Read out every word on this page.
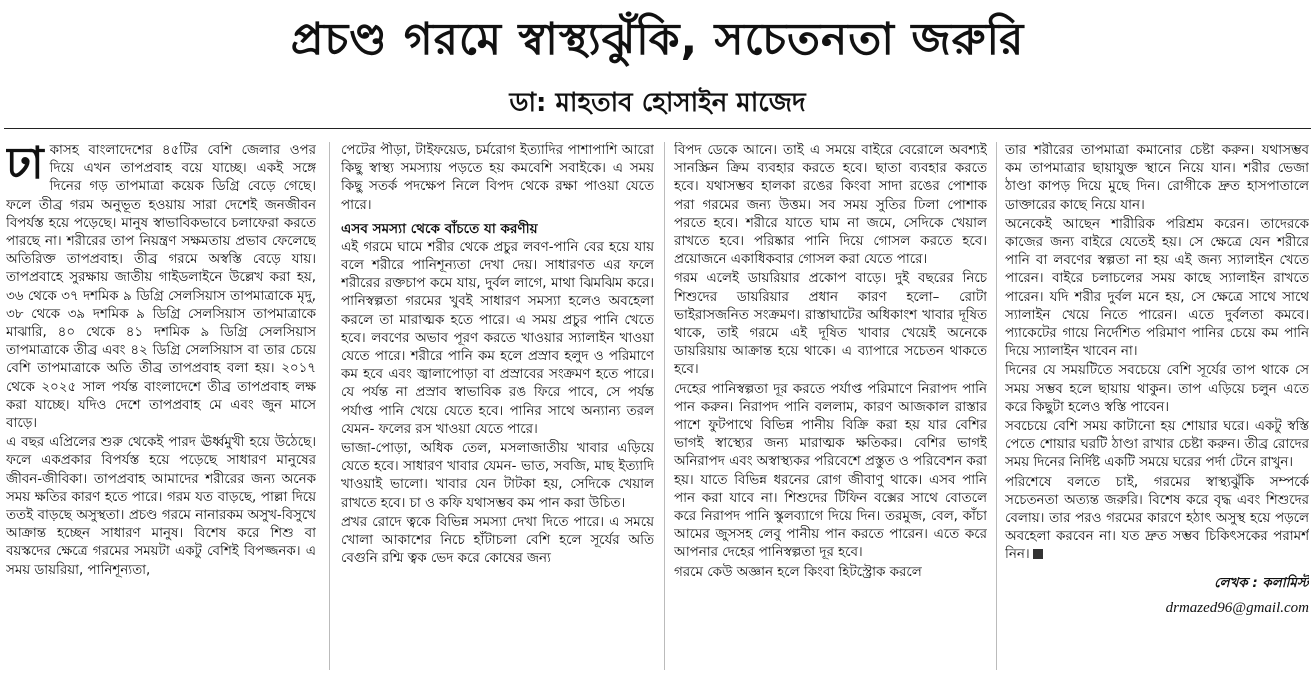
প্রচণ্ড গরমে স্বাস্থ্যঝুঁকি, সচেতনতা জরুরি
ডা: মাহতাব হোসাইন মাজেদ

ঢাকাসহ বাংলাদেশের ৪৫টির বেশি জেলার ওপর দিয়ে এখন তাপপ্রবাহ বয়ে যাচ্ছে। একই সঙ্গে দিনের গড় তাপমাত্রা কয়েক ডিগ্রি বেড়ে গেছে। ফলে তীব্র গরম অনুভূত হওয়ায় সারা দেশেই জনজীবন বিপর্যস্ত হয়ে পড়েছে। মানুষ স্বাভাবিকভাবে চলাফেরা করতে পারছে না। শরীরের তাপ নিয়ন্ত্রণ সক্ষমতায় প্রভাব ফেলেছে অতিরিক্ত তাপপ্রবাহ। তীব্র গরমে অস্বস্তি বেড়ে যায়। তাপপ্রবাহে সুরক্ষায় জাতীয় গাইডলাইনে উল্লেখ করা হয়, ৩৬ থেকে ৩৭ দশমিক ৯ ডিগ্রি সেলসিয়াস তাপমাত্রাকে মৃদু, ৩৮ থেকে ৩৯ দশমিক ৯ ডিগ্রি সেলসিয়াস তাপমাত্রাকে মাঝারি, ৪০ থেকে ৪১ দশমিক ৯ ডিগ্রি সেলসিয়াস তাপমাত্রাকে তীব্র এবং ৪২ ডিগ্রি সেলসিয়াস বা তার চেয়ে বেশি তাপমাত্রাকে অতি তীব্র তাপপ্রবাহ বলা হয়। ২০১৭ থেকে ২০২৫ সাল পর্যন্ত বাংলাদেশে তীব্র তাপপ্রবাহ লক্ষ করা যাচ্ছে। যদিও দেশে তাপপ্রবাহ মে এবং জুন মাসে বাড়ে।

এ বছর এপ্রিলের শুরু থেকেই পারদ ঊর্ধ্বমুখী হয়ে উঠেছে। ফলে একপ্রকার বিপর্যস্ত হয়ে পড়েছে সাধারণ মানুষের জীবন-জীবিকা। তাপপ্রবাহ আমাদের শরীরের জন্য অনেক সময় ক্ষতির কারণ হতে পারে। গরম যত বাড়ছে, পাল্লা দিয়ে ততই বাড়ছে অসুস্থতা। প্রচণ্ড গরমে নানারকম অসুখ-বিসুখে আক্রান্ত হচ্ছেন সাধারণ মানুষ। বিশেষ করে শিশু বা বয়স্কদের ক্ষেত্রে গরমের সময়টা একটু বেশিই বিপজ্জনক। এ সময় ডায়রিয়া, পানিশূন্যতা,

পেটের পীড়া, টাইফয়েড, চর্মরোগ ইত্যাদির পাশাপাশি আরো কিছু স্বাস্থ্য সমস্যায় পড়তে হয় কমবেশি সবাইকে। এ সময় কিছু সতর্ক পদক্ষেপ নিলে বিপদ থেকে রক্ষা পাওয়া যেতে পারে।

এসব সমস্যা থেকে বাঁচতে যা করণীয়

এই গরমে ঘামে শরীর থেকে প্রচুর লবণ-পানি বের হয়ে যায় বলে শরীরে পানিশূন্যতা দেখা দেয়। সাধারণত এর ফলে শরীরের রক্তচাপ কমে যায়, দুর্বল লাগে, মাথা ঝিমঝিম করে। পানিস্বল্পতা গরমের খুবই সাধারণ সমস্যা হলেও অবহেলা করলে তা মারাত্মক হতে পারে। এ সময় প্রচুর পানি খেতে হবে। লবণের অভাব পূরণ করতে খাওয়ার স্যালাইন খাওয়া যেতে পারে। শরীরে পানি কম হলে প্রস্রাব হলুদ ও পরিমাণে কম হবে এবং জ্বালাপোড়া বা প্রস্রাবের সংক্রমণ হতে পারে। যে পর্যন্ত না প্রস্রাব স্বাভাবিক রঙ ফিরে পাবে, সে পর্যন্ত পর্যাপ্ত পানি খেয়ে যেতে হবে। পানির সাথে অন্যান্য তরল যেমন- ফলের রস খাওয়া যেতে পারে।

ভাজা-পোড়া, অধিক তেল, মসলাজাতীয় খাবার এড়িয়ে যেতে হবে। সাধারণ খাবার যেমন- ভাত, সবজি, মাছ ইত্যাদি খাওয়াই ভালো। খাবার যেন টাটকা হয়, সেদিকে খেয়াল রাখতে হবে। চা ও কফি যথাসম্ভব কম পান করা উচিত।

প্রখর রোদে ত্বকে বিভিন্ন সমস্যা দেখা দিতে পারে। এ সময়ে খোলা আকাশের নিচে হাঁটাচলা বেশি হলে সূর্যের অতি বেগুনি রশ্মি ত্বক ভেদ করে কোষের জন্য

বিপদ ডেকে আনে। তাই এ সময়ে বাইরে বেরোলে অবশ্যই সানস্ক্রিন ক্রিম ব্যবহার করতে হবে। ছাতা ব্যবহার করতে হবে। যথাসম্ভব হালকা রঙের কিংবা সাদা রঙের পোশাক পরা গরমের জন্য উত্তম। সব সময় সুতির ঢিলা পোশাক পরতে হবে। শরীরে যাতে ঘাম না জমে, সেদিকে খেয়াল রাখতে হবে। পরিষ্কার পানি দিয়ে গোসল করতে হবে। প্রয়োজনে একাধিকবার গোসল করা যেতে পারে।

গরম এলেই ডায়রিয়ার প্রকোপ বাড়ে। দুই বছরের নিচে শিশুদের ডায়রিয়ার প্রধান কারণ হলো– রোটা ভাইরাসজনিত সংক্রমণ। রাস্তাঘাটের অধিকাংশ খাবার দূষিত থাকে, তাই গরমে এই দূষিত খাবার খেয়েই অনেকে ডায়রিয়ায় আক্রান্ত হয়ে থাকে। এ ব্যাপারে সচেতন থাকতে হবে।

দেহের পানিস্বল্পতা দূর করতে পর্যাপ্ত পরিমাণে নিরাপদ পানি পান করুন। নিরাপদ পানি বললাম, কারণ আজকাল রাস্তার পাশে ফুটপাথে বিভিন্ন পানীয় বিক্রি করা হয় যার বেশির ভাগই স্বাস্থ্যের জন্য মারাত্মক ক্ষতিকর। বেশির ভাগই অনিরাপদ এবং অস্বাস্থ্যকর পরিবেশে প্রস্তুত ও পরিবেশন করা হয়। যাতে বিভিন্ন ধরনের রোগ জীবাণু থাকে। এসব পানি পান করা যাবে না। শিশুদের টিফিন বক্সের সাথে বোতলে করে নিরাপদ পানি স্কুলব্যাগে দিয়ে দিন। তরমুজ, বেল, কাঁচা আমের জুসসহ লেবু পানীয় পান করতে পারেন। এতে করে আপনার দেহের পানিস্বল্পতা দূর হবে।

গরমে কেউ অজ্ঞান হলে কিংবা হিটস্ট্রোক করলে

তার শরীরের তাপমাত্রা কমানোর চেষ্টা করুন। যথাসম্ভব কম তাপমাত্রার ছায়াযুক্ত স্থানে নিয়ে যান। শরীর ভেজা ঠাণ্ডা কাপড় দিয়ে মুছে দিন। রোগীকে দ্রুত হাসপাতালে ডাক্তারের কাছে নিয়ে যান।

অনেকেই আছেন শারীরিক পরিশ্রম করেন। তাদেরকে কাজের জন্য বাইরে যেতেই হয়। সে ক্ষেত্রে যেন শরীরে পানি বা লবণের স্বল্পতা না হয় এই জন্য স্যালাইন খেতে পারেন। বাইরে চলাচলের সময় কাছে স্যালাইন রাখতে পারেন। যদি শরীর দুর্বল মনে হয়, সে ক্ষেত্রে সাথে সাথে স্যালাইন খেয়ে নিতে পারেন। এতে দুর্বলতা কমবে। প্যাকেটের গায়ে নির্দেশিত পরিমাণ পানির চেয়ে কম পানি দিয়ে স্যালাইন খাবেন না।

দিনের যে সময়টিতে সবচেয়ে বেশি সূর্যের তাপ থাকে সে সময় সম্ভব হলে ছায়ায় থাকুন। তাপ এড়িয়ে চলুন এতে করে কিছুটা হলেও স্বস্তি পাবেন।

সবচেয়ে বেশি সময় কাটানো হয় শোয়ার ঘরে। একটু স্বস্তি পেতে শোয়ার ঘরটি ঠাণ্ডা রাখার চেষ্টা করুন। তীব্র রোদের সময় দিনের নির্দিষ্ট একটি সময়ে ঘরের পর্দা টেনে রাখুন।

পরিশেষে বলতে চাই, গরমের স্বাস্থ্যঝুঁকি সম্পর্কে সচেতনতা অত্যন্ত জরুরি। বিশেষ করে বৃদ্ধ এবং শিশুদের বেলায়। তার পরও গরমের কারণে হঠাৎ অসুস্থ হয়ে পড়লে অবহেলা করবেন না। যত দ্রুত সম্ভব চিকিৎসকের পরামর্শ নিন।

লেখক : কলামিস্ট
drmazed96@gmail.com
